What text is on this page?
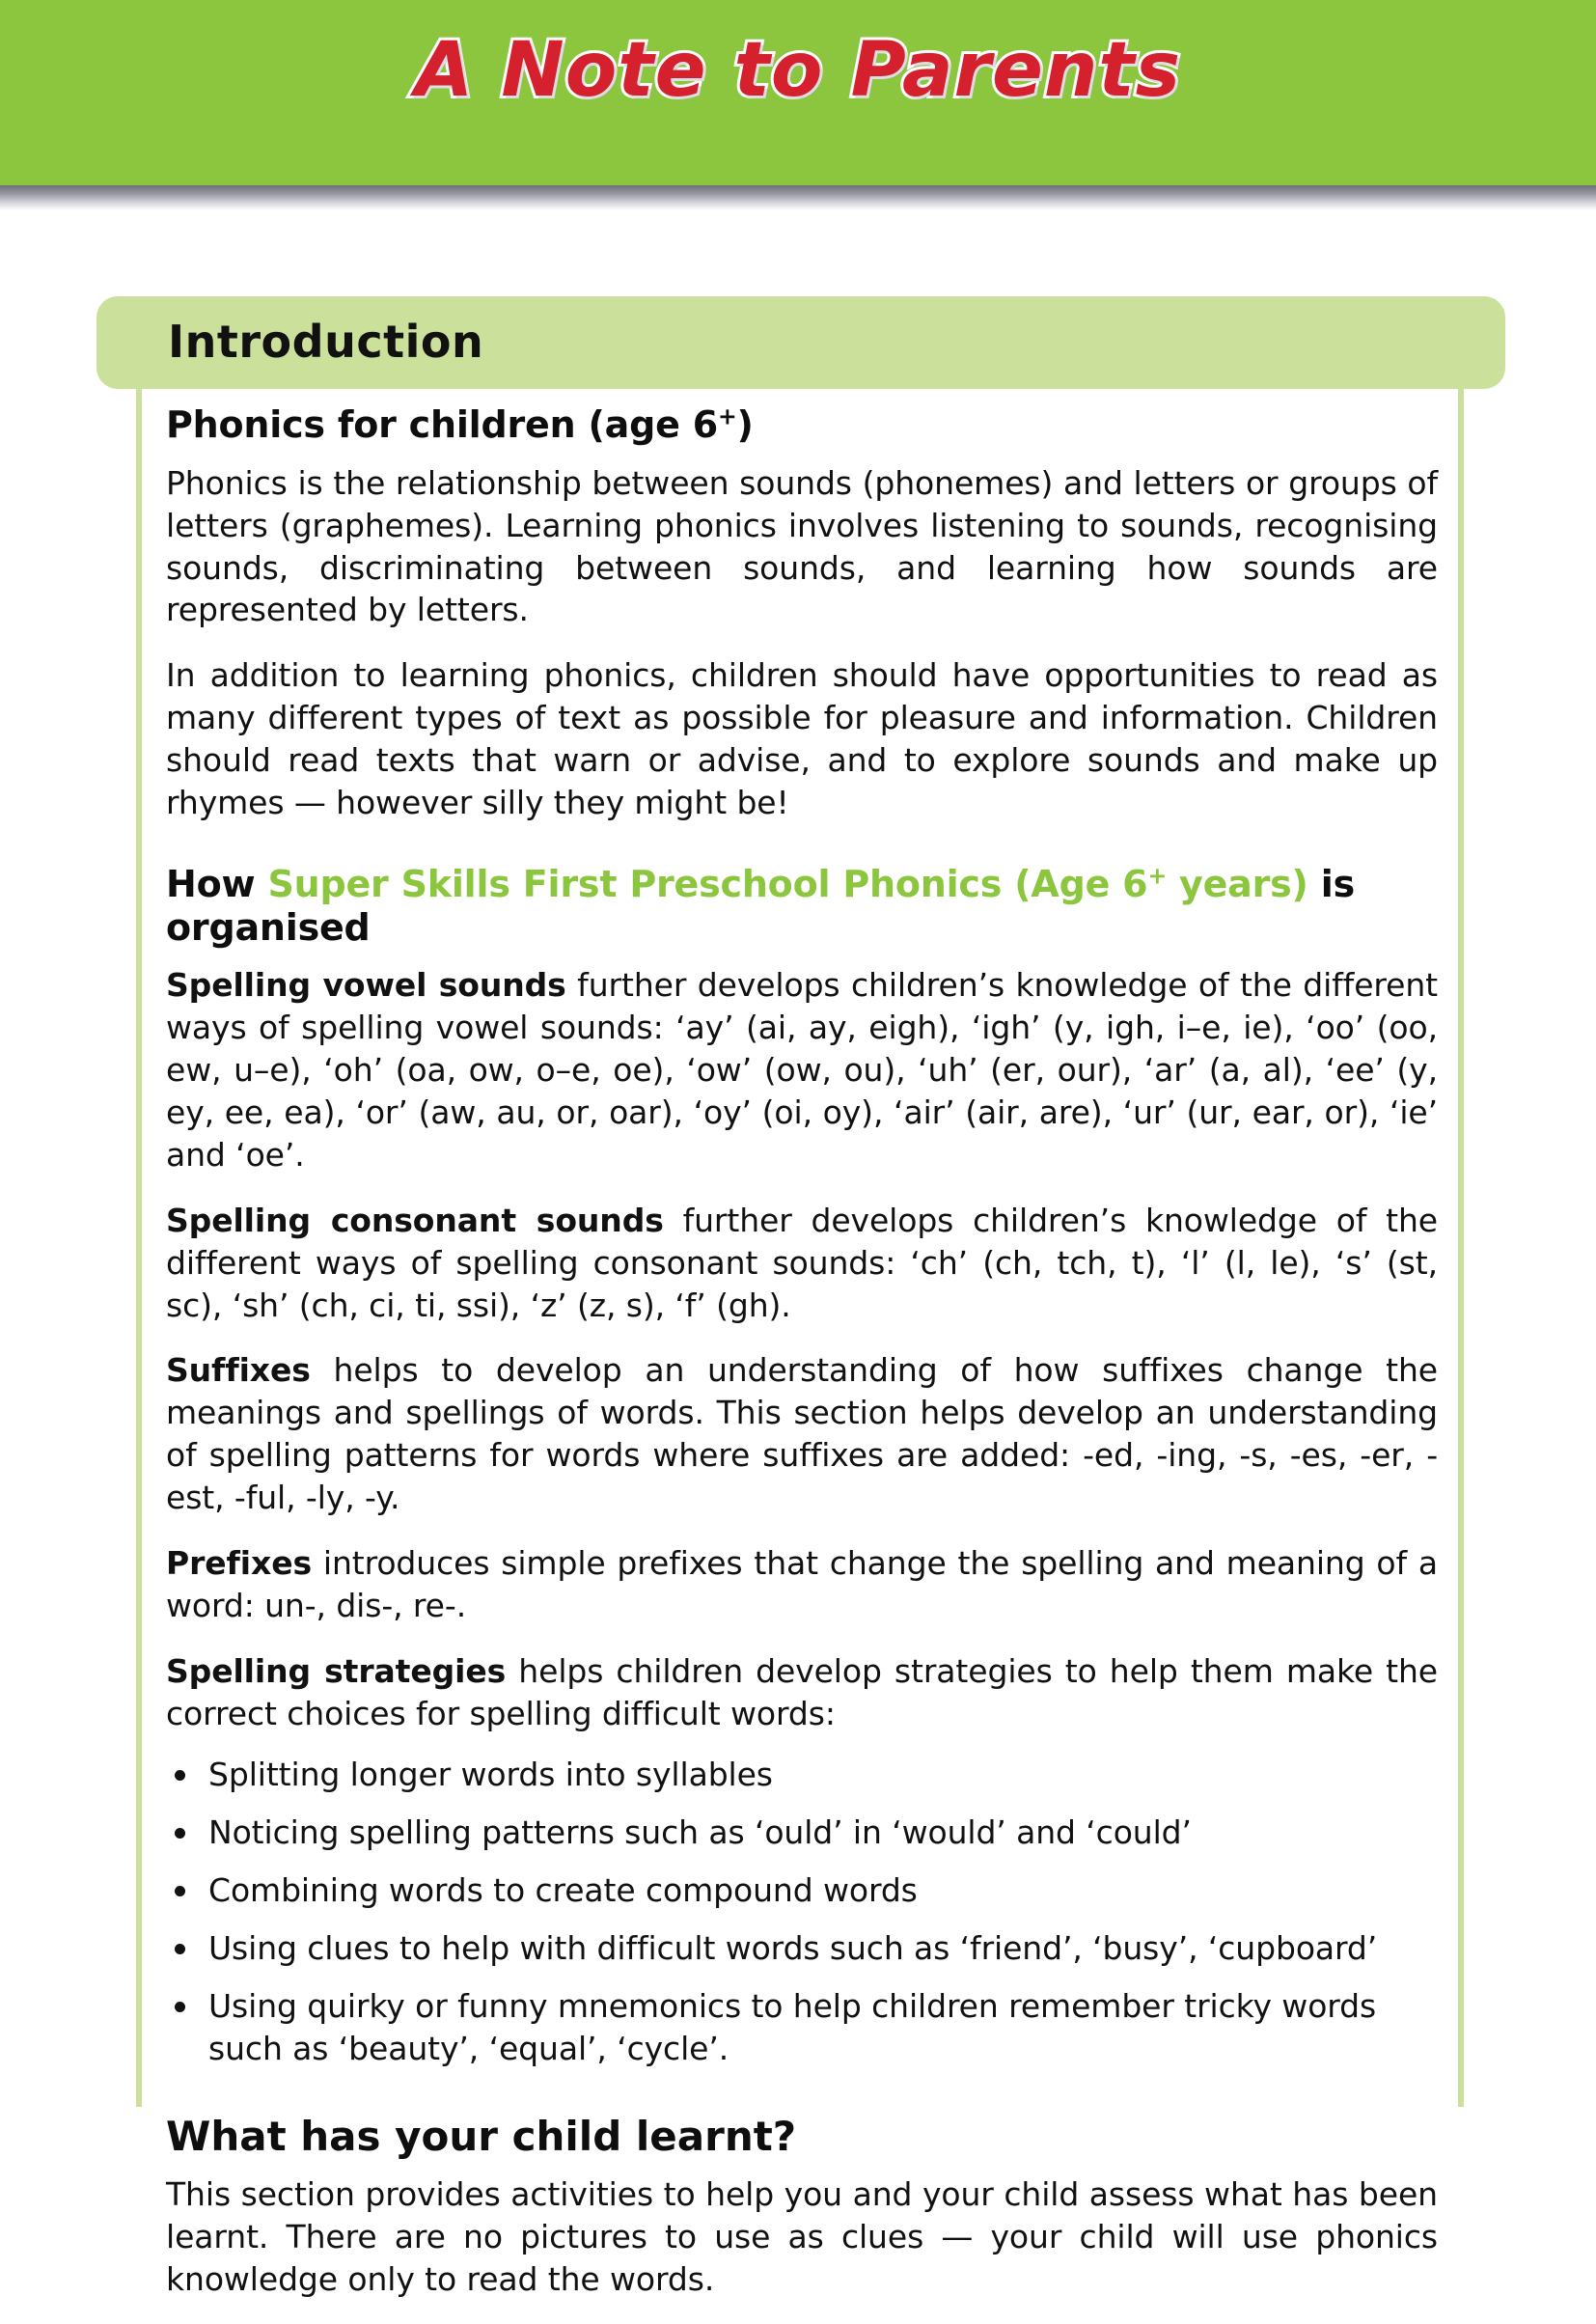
A Note to Parents
Introduction
Phonics for children (age 6+)

Phonics is the relationship between sounds (phonemes) and letters or groups of letters (graphemes). Learning phonics involves listening to sounds, recognising sounds, discriminating between sounds, and learning how sounds are represented by letters.

In addition to learning phonics, children should have opportunities to read as many different types of text as possible for pleasure and information. Children should read texts that warn or advise, and to explore sounds and make up rhymes — however silly they might be!

How Super Skills First Preschool Phonics (Age 6+ years) is organised

Spelling vowel sounds further develops children’s knowledge of the different ways of spelling vowel sounds: ‘ay’ (ai, ay, eigh), ‘igh’ (y, igh, i–e, ie), ‘oo’ (oo, ew, u–e), ‘oh’ (oa, ow, o–e, oe), ‘ow’ (ow, ou), ‘uh’ (er, our), ‘ar’ (a, al), ‘ee’ (y, ey, ee, ea), ‘or’ (aw, au, or, oar), ‘oy’ (oi, oy), ‘air’ (air, are), ‘ur’ (ur, ear, or), ‘ie’ and ‘oe’.

Spelling consonant sounds further develops children’s knowledge of the different ways of spelling consonant sounds: ‘ch’ (ch, tch, t), ‘l’ (l, le), ‘s’ (st, sc), ‘sh’ (ch, ci, ti, ssi), ‘z’ (z, s), ‘f’ (gh).

Suffixes helps to develop an understanding of how suffixes change the meanings and spellings of words. This section helps develop an understanding of spelling patterns for words where suffixes are added: -ed, -ing, -s, -es, -er, -est, -ful, -ly, -y.

Prefixes introduces simple prefixes that change the spelling and meaning of a word: un-, dis-, re-.

Spelling strategies helps children develop strategies to help them make the correct choices for spelling difficult words:

Splitting longer words into syllables
Noticing spelling patterns such as ‘ould’ in ‘would’ and ‘could’
Combining words to create compound words
Using clues to help with difficult words such as ‘friend’, ‘busy’, ‘cupboard’
Using quirky or funny mnemonics to help children remember tricky words such as ‘beauty’, ‘equal’, ‘cycle’.
What has your child learnt?

This section provides activities to help you and your child assess what has been learnt. There are no pictures to use as clues — your child will use phonics knowledge only to read the words.
